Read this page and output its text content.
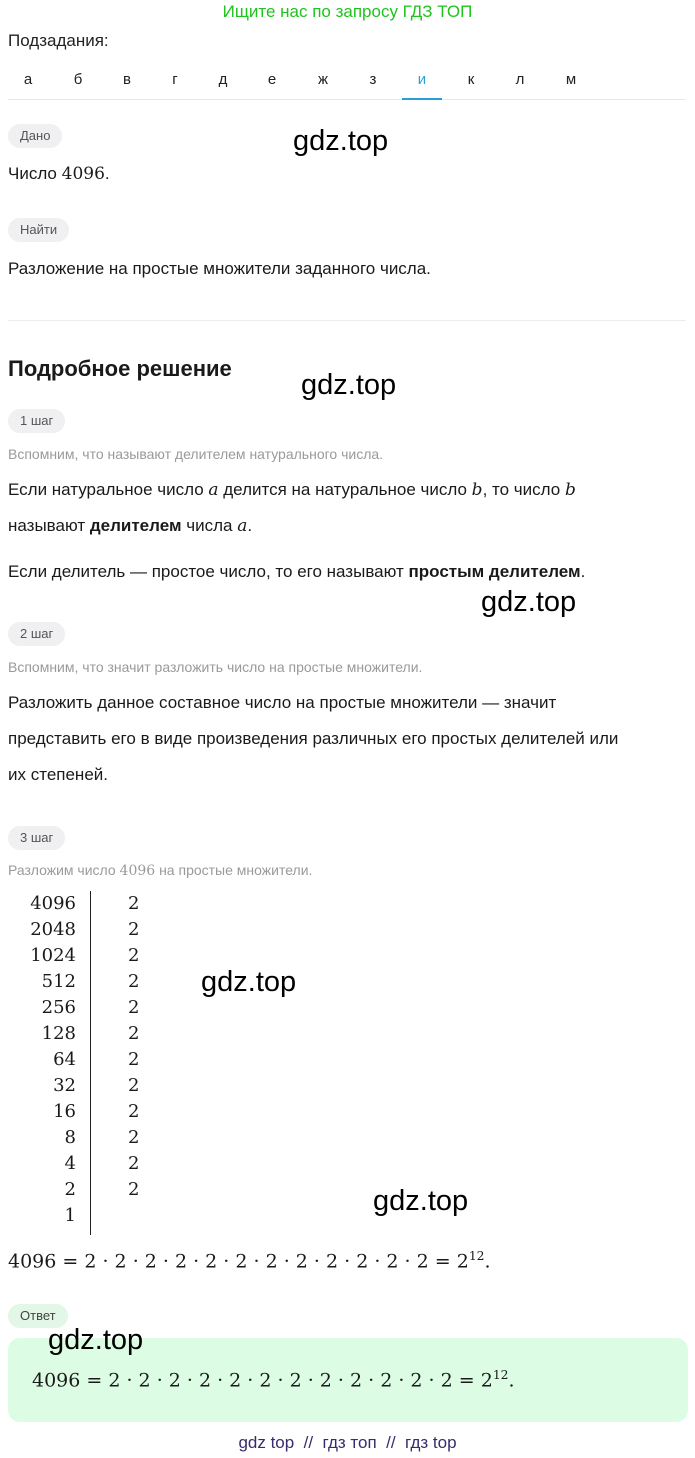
Ищите нас по запросу ГДЗ ТОП
Подзадания:
а	б	в	г	д	е	ж	з	и	к	л	м
Дано
Число 4096.
Найти
Разложение на простые множители заданного числа.
Подробное решение
1 шаг
Вспомним, что называют делителем натурального числа.
Если натуральное число a делится на натуральное число b, то число b
называют делителем числа a.
Если делитель — простое число, то его называют простым делителем.
2 шаг
Вспомним, что значит разложить число на простые множители.
Разложить данное составное число на простые множители — значит
представить его в виде произведения различных его простых делителей или
их степеней.
3 шаг
Разложим число 4096 на простые множители.
4096	2
2048	2
1024	2
512	2
256	2
128	2
64	2
32	2
16	2
8	2
4	2
2	2
1
$4096 = 2 \cdot 2 \cdot 2 \cdot 2 \cdot 2 \cdot 2 \cdot 2 \cdot 2 \cdot 2 \cdot 2 \cdot 2 \cdot 2 = 2^{12}$.
Ответ
$4096 = 2 \cdot 2 \cdot 2 \cdot 2 \cdot 2 \cdot 2 \cdot 2 \cdot 2 \cdot 2 \cdot 2 \cdot 2 \cdot 2 = 2^{12}$.
gdz.top
gdz.top
gdz.top
gdz.top
gdz.top
gdz.top
gdz top  //  гдз топ  //  гдз top
